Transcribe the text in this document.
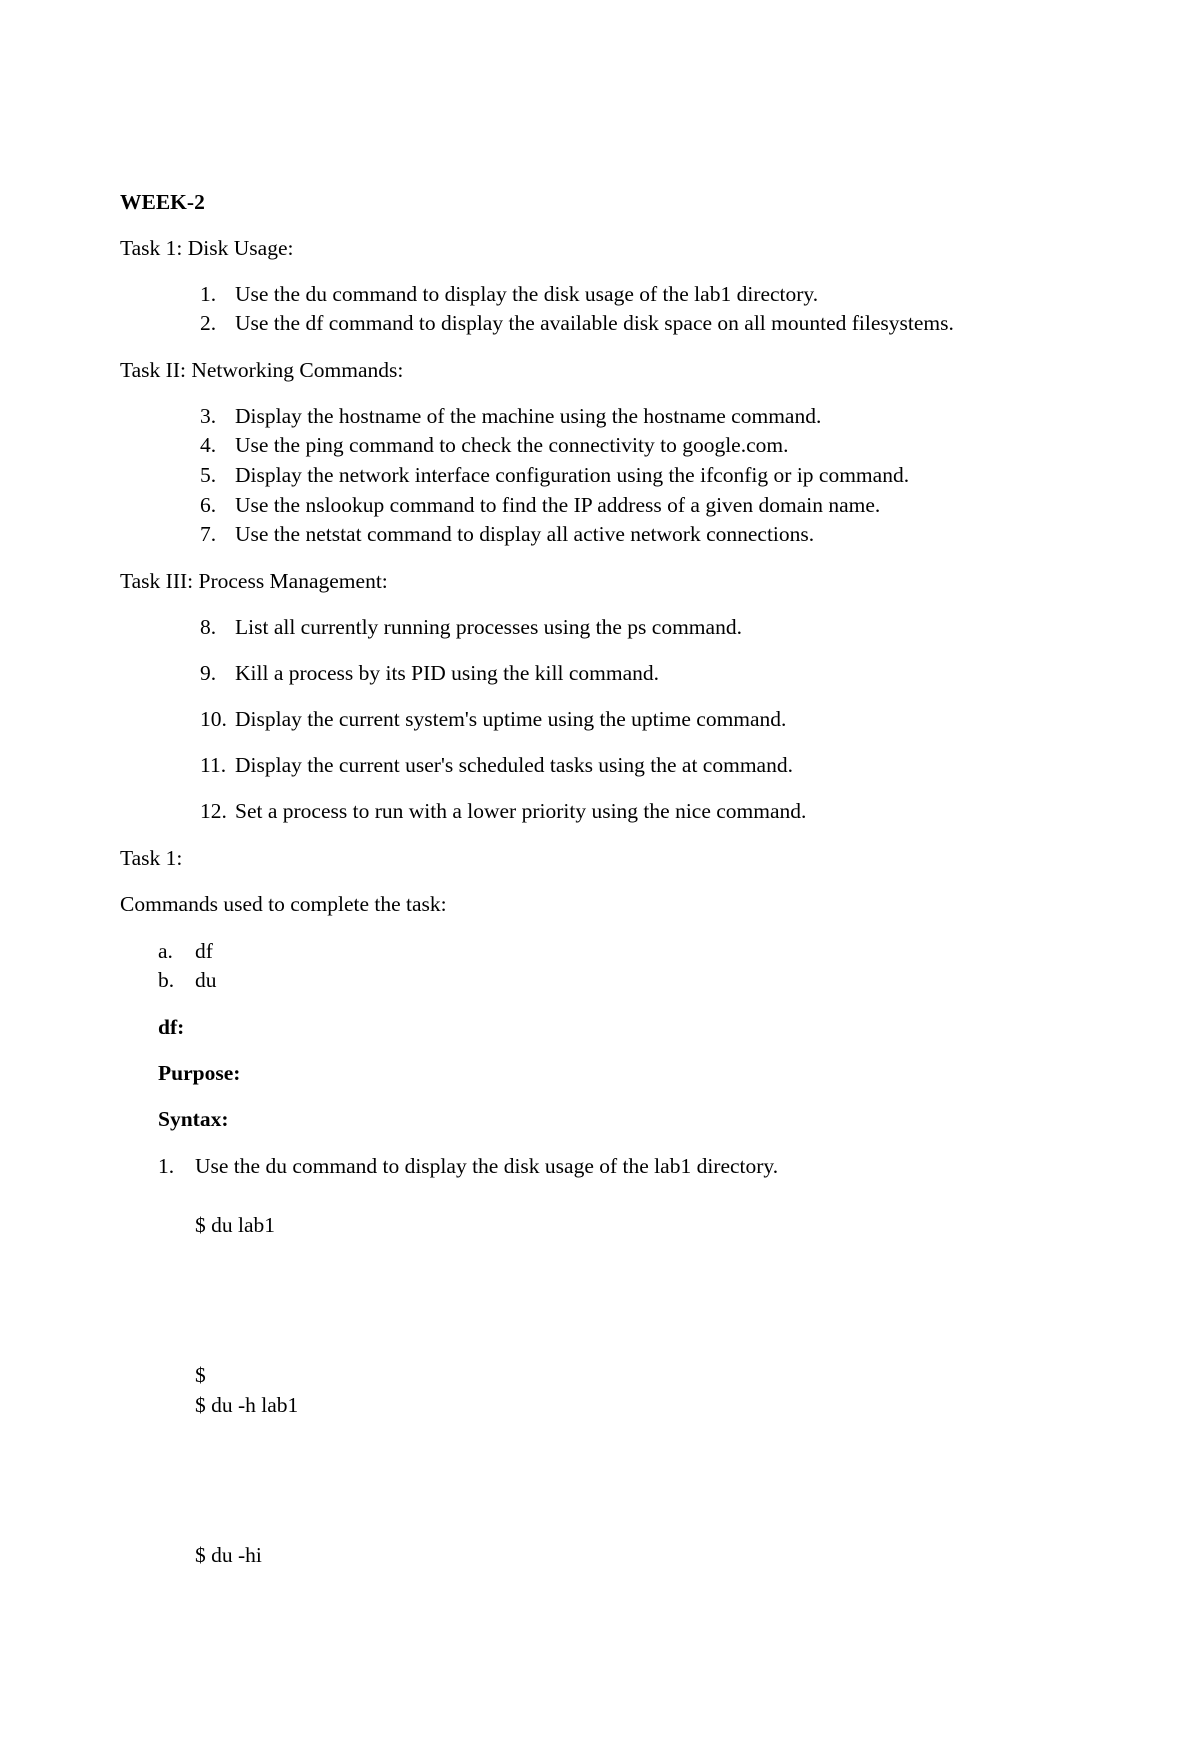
WEEK-2
Task 1: Disk Usage:
1. Use the du command to display the disk usage of the lab1 directory.
2. Use the df command to display the available disk space on all mounted filesystems.
Task II: Networking Commands:
3. Display the hostname of the machine using the hostname command.
4. Use the ping command to check the connectivity to google.com.
5. Display the network interface configuration using the ifconfig or ip command.
6. Use the nslookup command to find the IP address of a given domain name.
7. Use the netstat command to display all active network connections.
Task III: Process Management:
8. List all currently running processes using the ps command.
9. Kill a process by its PID using the kill command.
10. Display the current system's uptime using the uptime command.
11. Display the current user's scheduled tasks using the at command.
12. Set a process to run with a lower priority using the nice command.
Task 1:
Commands used to complete the task:
a. df
b. du
df:
Purpose:
Syntax:
1. Use the du command to display the disk usage of the lab1 directory.
$ du lab1
$
$ du -h lab1
$ du -hi
